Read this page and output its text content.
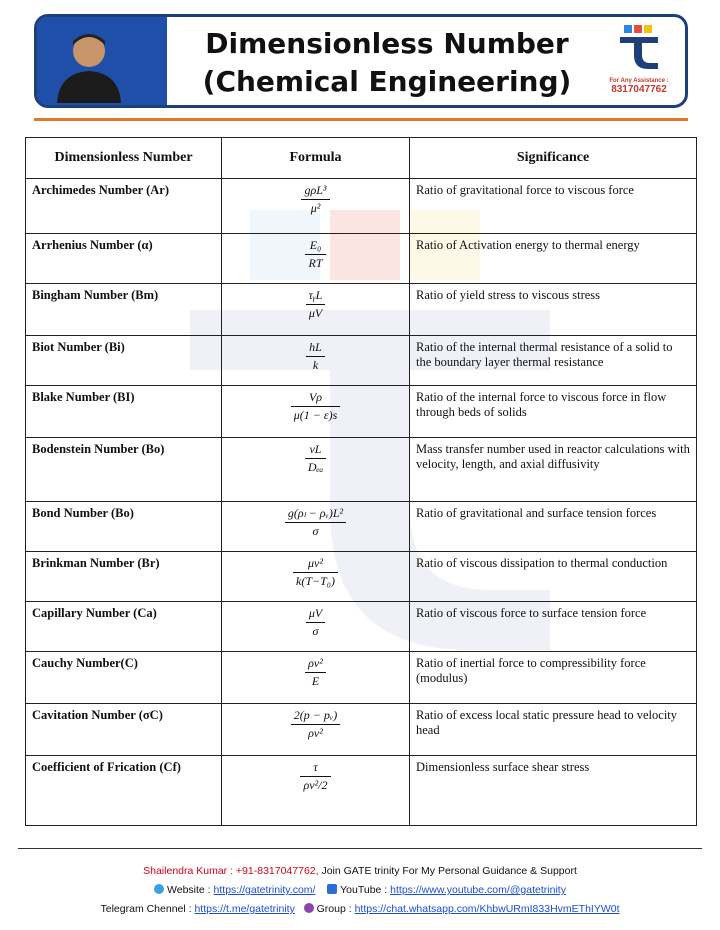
Dimensionless Number
(Chemical Engineering)	For Any Assistance :
8317047762
Dimensionless Number	Formula	Significance
Archimedes Number (Ar)	$\frac{\text{gρL³}}{\text{μ²}}$	Ratio of gravitational force to viscous force
Arrhenius Number (α)	$\frac{\text{E₀}}{RT}$	Ratio of Activation energy to thermal energy
Bingham Number (Bm)	$\frac{\text{τᵧL}}{\mu V}$	Ratio of yield stress to viscous stress
Biot Number (Bi)	$\frac{hL}{k}$	Ratio of the internal thermal resistance of a solid to the boundary layer thermal resistance
Blake Number (BI)	$\frac{V\rho}{\mu(1 - \varepsilon)s}$	Ratio of the internal force to viscous force in flow through beds of solids
Bodenstein Number (Bo)	$\frac{vL}{\text{Dₑₐ}}$	Mass transfer number used in reactor calculations with velocity, length, and axial diffusivity
Bond Number (Bo)	$\frac{\text{g(ρₗ − ρᵥ)L²}}{\sigma}$	Ratio of gravitational and surface tension forces
Brinkman Number (Br)	$\frac{\text{μv²}}{\text{k(T−T₀)}}$	Ratio of viscous dissipation to thermal conduction
Capillary Number (Ca)	$\frac{\mu V}{\sigma}$	Ratio of viscous force to surface tension force
Cauchy Number(C)	$\frac{\text{ρv²}}{E}$	Ratio of inertial force to compressibility force (modulus)
Cavitation Number (σC)	$\frac{\text{2(p − pᵥ)}}{\text{ρv²}}$	Ratio of excess local static pressure head to velocity head
Coefficient of Frication (Cf)	$\frac{\tau}{\text{ρv²/2}}$	Dimensionless surface shear stress
Shailendra Kumar : +91-8317047762, Join GATE trinity For My Personal Guidance & Support
Website : https://gatetrinity.com/ YouTube : https://www.youtube.com/@gatetrinity
Telegram Chennel : https://t.me/gatetrinity Group : https://chat.whatsapp.com/KhbwURmI833HvmEThIYW0t
